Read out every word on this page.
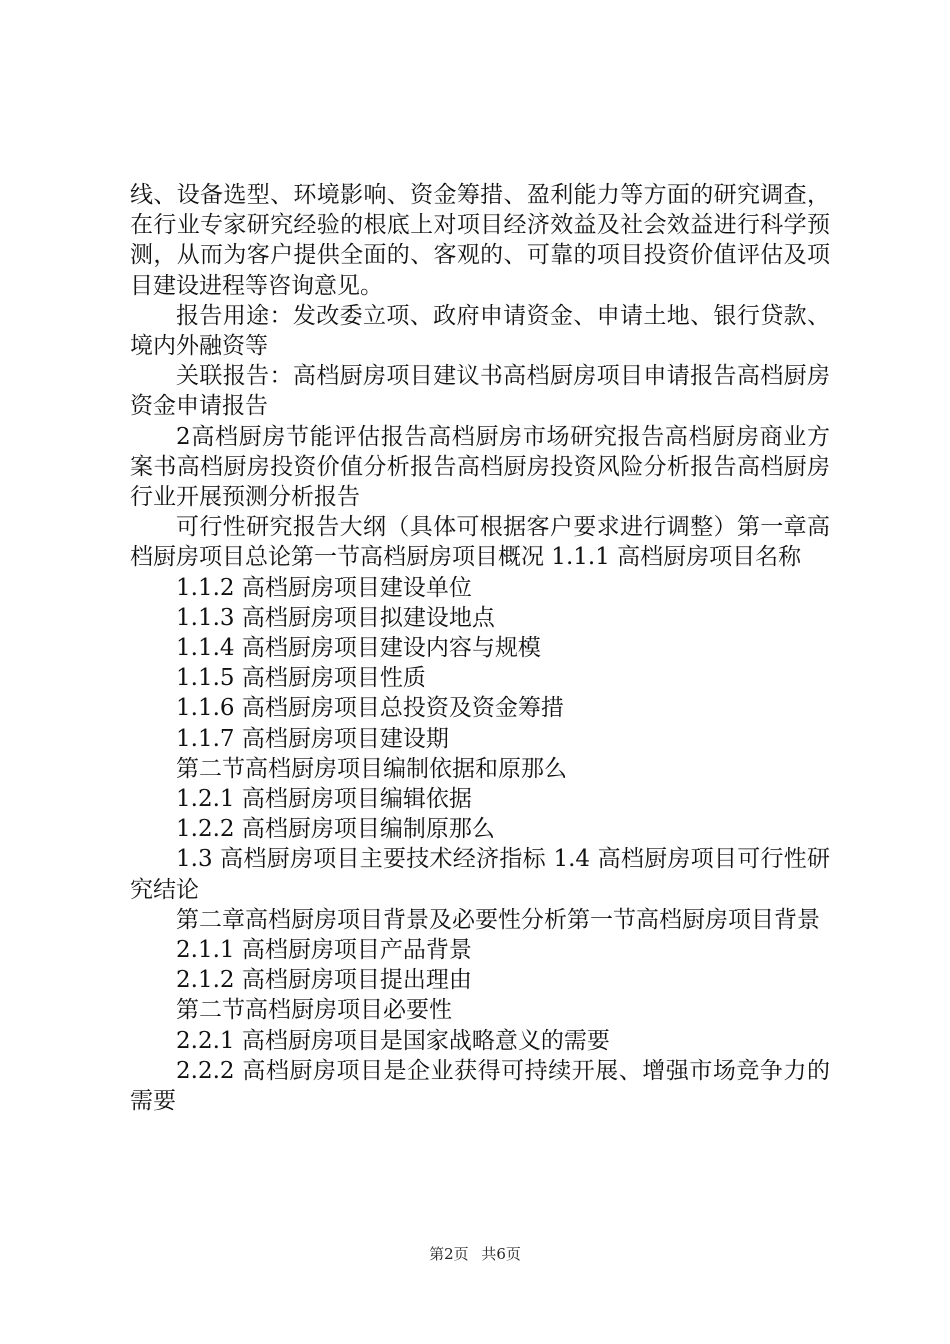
线、设备选型、环境影响、资金筹措、盈利能力等方面的研究调查，在行业专家研究经验的根底上对项目经济效益及社会效益进行科学预测，从而为客户提供全面的、客观的、可靠的项目投资价值评估及项目建设进程等咨询意见。

报告用途：发改委立项、政府申请资金、申请土地、银行贷款、境内外融资等

关联报告：高档厨房项目建议书高档厨房项目申请报告高档厨房资金申请报告

2高档厨房节能评估报告高档厨房市场研究报告高档厨房商业方案书高档厨房投资价值分析报告高档厨房投资风险分析报告高档厨房行业开展预测分析报告

可行性研究报告大纲（具体可根据客户要求进行调整）第一章高档厨房项目总论第一节高档厨房项目概况 1.1.1 高档厨房项目名称

1.1.2 高档厨房项目建设单位

1.1.3 高档厨房项目拟建设地点

1.1.4 高档厨房项目建设内容与规模

1.1.5 高档厨房项目性质

1.1.6 高档厨房项目总投资及资金筹措

1.1.7 高档厨房项目建设期

第二节高档厨房项目编制依据和原那么

1.2.1 高档厨房项目编辑依据

1.2.2 高档厨房项目编制原那么

1.3 高档厨房项目主要技术经济指标 1.4 高档厨房项目可行性研究结论

第二章高档厨房项目背景及必要性分析第一节高档厨房项目背景

2.1.1 高档厨房项目产品背景

2.1.2 高档厨房项目提出理由

第二节高档厨房项目必要性

2.2.1 高档厨房项目是国家战略意义的需要

2.2.2 高档厨房项目是企业获得可持续开展、增强市场竞争力的需要

第2页 共6页
